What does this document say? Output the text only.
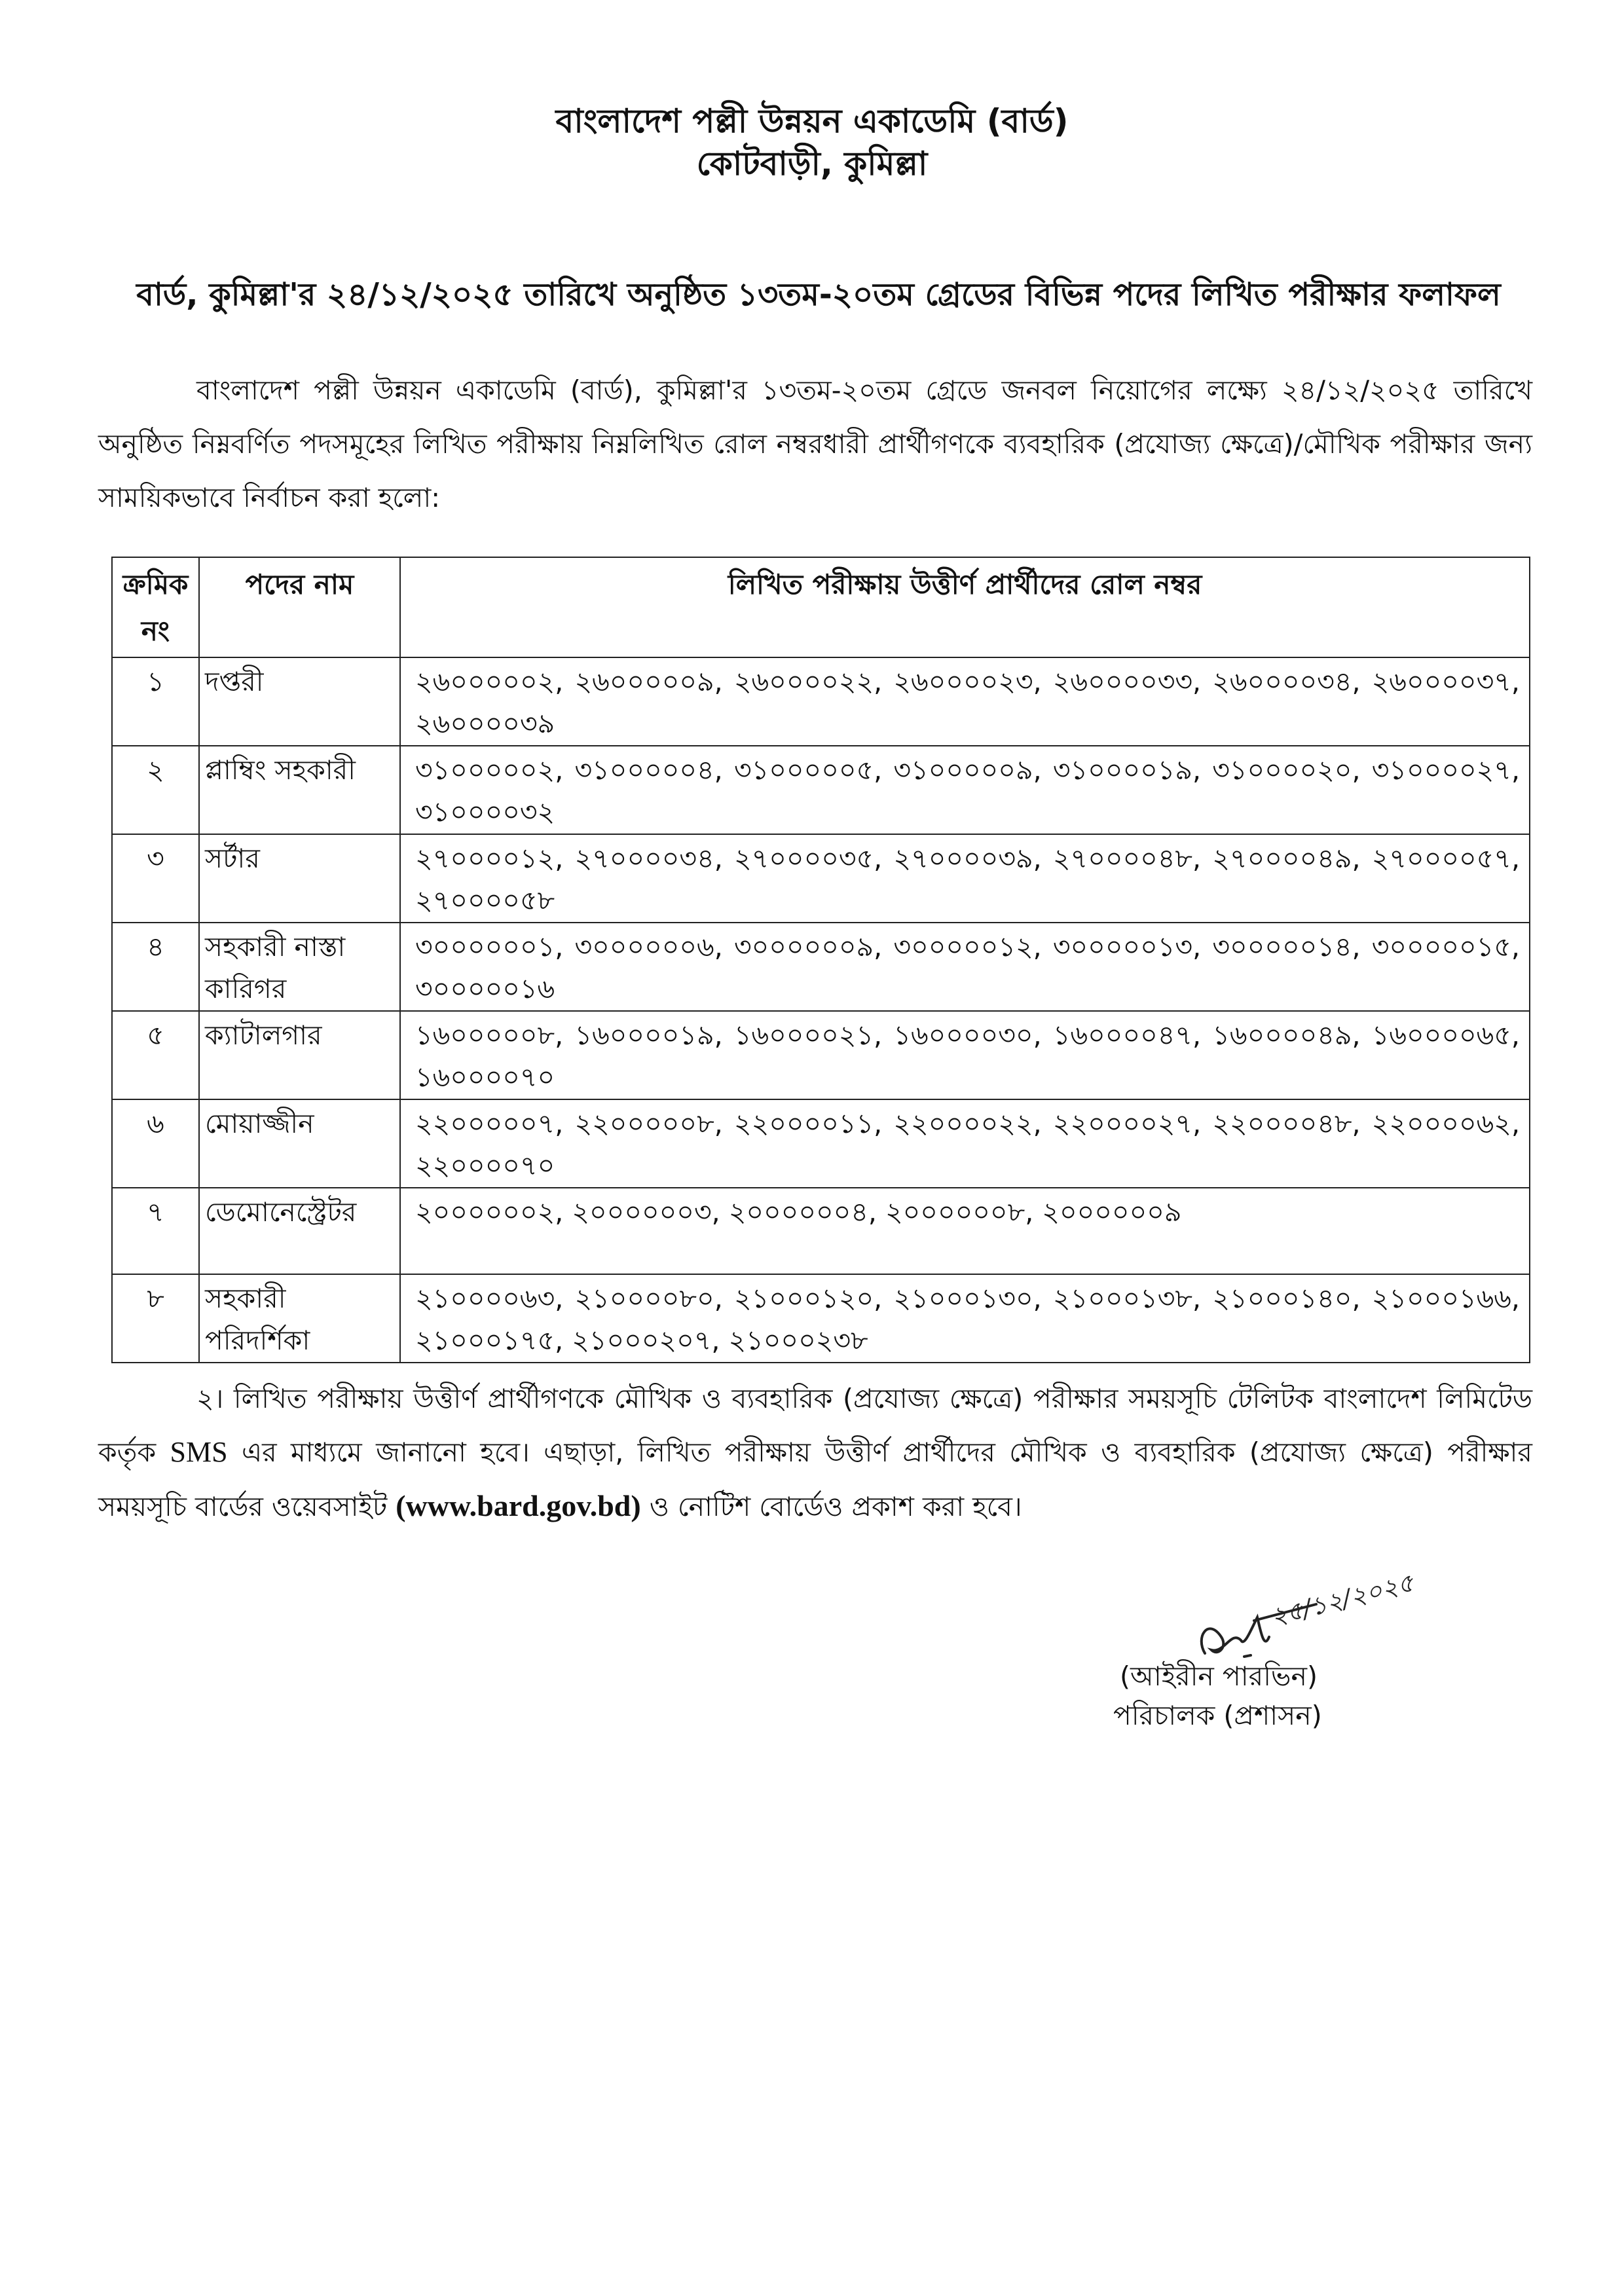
বাংলাদেশ পল্লী উন্নয়ন একাডেমি (বার্ড)
কোটবাড়ী, কুমিল্লা
বার্ড, কুমিল্লা'র ২৪/১২/২০২৫ তারিখে অনুষ্ঠিত ১৩তম-২০তম গ্রেডের বিভিন্ন পদের লিখিত পরীক্ষার ফলাফল

বাংলাদেশ পল্লী উন্নয়ন একাডেমি (বার্ড), কুমিল্লা'র ১৩তম-২০তম গ্রেডে জনবল নিয়োগের লক্ষ্যে ২৪/১২/২০২৫ তারিখে অনুষ্ঠিত নিম্নবর্ণিত পদসমূহের লিখিত পরীক্ষায় নিম্নলিখিত রোল নম্বরধারী প্রার্থীগণকে ব্যবহারিক (প্রযোজ্য ক্ষেত্রে)/মৌখিক পরীক্ষার জন্য সাময়িকভাবে নির্বাচন করা হলো:

ক্রমিক নং	পদের নাম	লিখিত পরীক্ষায় উত্তীর্ণ প্রার্থীদের রোল নম্বর
১	দপ্তরী	২৬০০০০০২, ২৬০০০০০৯, ২৬০০০০২২, ২৬০০০০২৩, ২৬০০০০৩৩, ২৬০০০০৩৪, ২৬০০০০৩৭, ২৬০০০০৩৯
২	প্লাম্বিং সহকারী	৩১০০০০০২, ৩১০০০০০৪, ৩১০০০০০৫, ৩১০০০০০৯, ৩১০০০০১৯, ৩১০০০০২০, ৩১০০০০২৭, ৩১০০০০৩২
৩	সর্টার	২৭০০০০১২, ২৭০০০০৩৪, ২৭০০০০৩৫, ২৭০০০০৩৯, ২৭০০০০৪৮, ২৭০০০০৪৯, ২৭০০০০৫৭, ২৭০০০০৫৮
৪	সহকারী নাস্তা কারিগর	৩০০০০০০১, ৩০০০০০০৬, ৩০০০০০০৯, ৩০০০০০১২, ৩০০০০০১৩, ৩০০০০০১৪, ৩০০০০০১৫, ৩০০০০০১৬
৫	ক্যাটালগার	১৬০০০০০৮, ১৬০০০০১৯, ১৬০০০০২১, ১৬০০০০৩০, ১৬০০০০৪৭, ১৬০০০০৪৯, ১৬০০০০৬৫, ১৬০০০০৭০
৬	মোয়াজ্জীন	২২০০০০০৭, ২২০০০০০৮, ২২০০০০১১, ২২০০০০২২, ২২০০০০২৭, ২২০০০০৪৮, ২২০০০০৬২, ২২০০০০৭০
৭	ডেমোনেস্ট্রেটর	২০০০০০০২, ২০০০০০০৩, ২০০০০০০৪, ২০০০০০০৮, ২০০০০০০৯
৮	সহকারী পরিদর্শিকা	২১০০০০৬৩, ২১০০০০৮০, ২১০০০১২০, ২১০০০১৩০, ২১০০০১৩৮, ২১০০০১৪০, ২১০০০১৬৬, ২১০০০১৭৫, ২১০০০২০৭, ২১০০০২৩৮

২। লিখিত পরীক্ষায় উত্তীর্ণ প্রার্থীগণকে মৌখিক ও ব্যবহারিক (প্রযোজ্য ক্ষেত্রে) পরীক্ষার সময়সূচি টেলিটক বাংলাদেশ লিমিটেড কর্তৃক SMS এর মাধ্যমে জানানো হবে। এছাড়া, লিখিত পরীক্ষায় উত্তীর্ণ প্রার্থীদের মৌখিক ও ব্যবহারিক (প্রযোজ্য ক্ষেত্রে) পরীক্ষার সময়সূচি বার্ডের ওয়েবসাইট (www.bard.gov.bd) ও নোটিশ বোর্ডেও প্রকাশ করা হবে।

২৫/১২/২০২৫
(আইরীন পারভিন)
পরিচালক (প্রশাসন)
